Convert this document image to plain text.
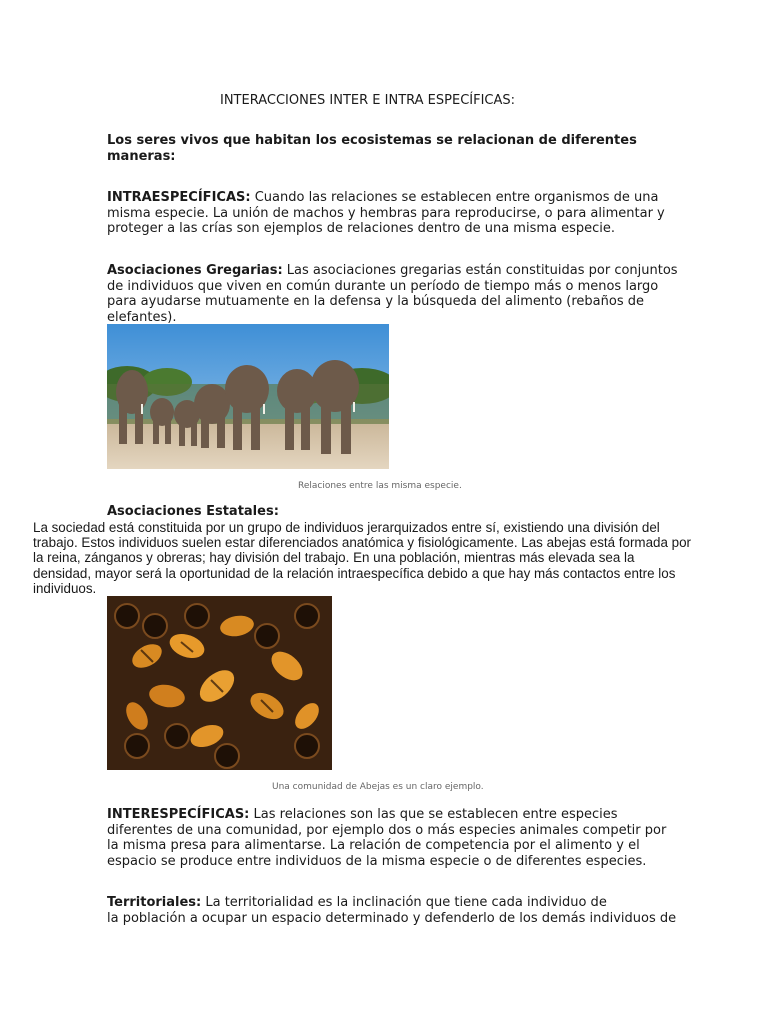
INTERACCIONES INTER E INTRA ESPECÍFICAS:
Los seres vivos que habitan los ecosistemas se relacionan de diferentes
maneras:
INTRAESPECÍFICAS: Cuando las relaciones se establecen entre organismos de una
misma especie. La unión de machos y hembras para reproducirse, o para alimentar y
proteger a las crías son ejemplos de relaciones dentro de una misma especie.
Asociaciones Gregarias: Las asociaciones gregarias están constituidas por conjuntos
de individuos que viven en común durante un período de tiempo más o menos largo
para ayudarse mutuamente en la defensa y la búsqueda del alimento (rebaños de
elefantes).
Relaciones entre las misma especie.
Asociaciones Estatales:
La sociedad está constituida por un grupo de individuos jerarquizados entre sí, existiendo una división del
trabajo. Estos individuos suelen estar diferenciados anatómica y fisiológicamente. Las abejas está formada por
la reina, zánganos y obreras; hay división del trabajo. En una población, mientras más elevada sea la
densidad, mayor será la oportunidad de la relación intraespecífica debido a que hay más contactos entre los
individuos.
Una comunidad de Abejas es un claro ejemplo.
INTERESPECÍFICAS: Las relaciones son las que se establecen entre especies
diferentes de una comunidad, por ejemplo dos o más especies animales competir por
la misma presa para alimentarse. La relación de competencia por el alimento y el
espacio se produce entre individuos de la misma especie o de diferentes especies.
Territoriales: La territorialidad es la inclinación que tiene cada individuo de
la población a ocupar un espacio determinado y defenderlo de los demás individuos de
